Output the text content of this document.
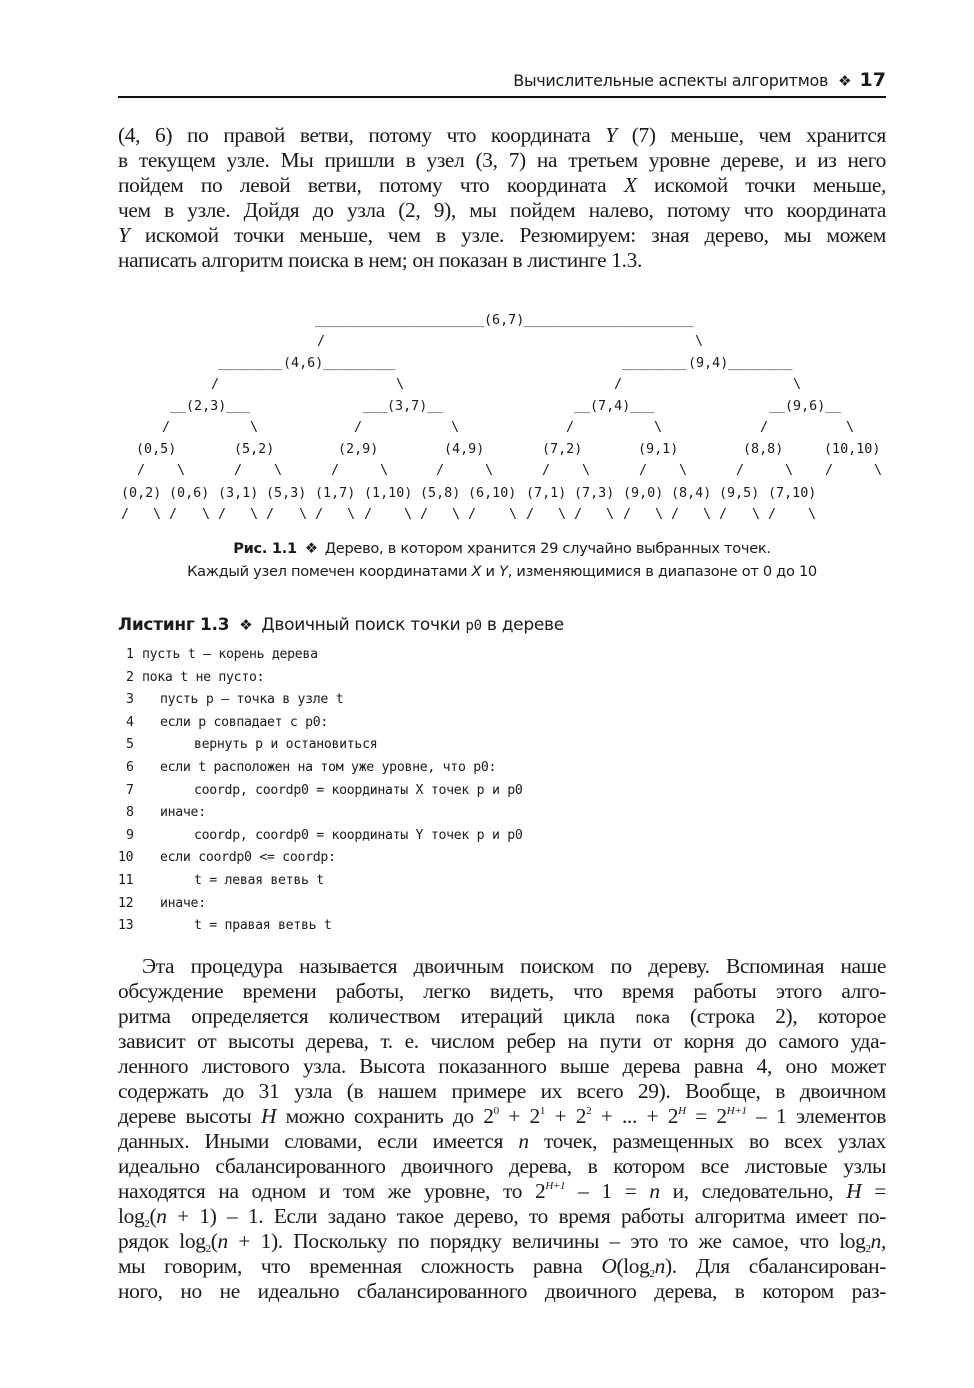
Вычислительные аспекты алгоритмов ❖ 17
(4, 6) по правой ветви, потому что координата Y (7) меньше, чем хранится
в текущем узле. Мы пришли в узел (3, 7) на третьем уровне дереве, и из него
пойдем по левой ветви, потому что координата X искомой точки меньше,
чем в узле. Дойдя до узла (2, 9), мы пойдем налево, потому что координата
Y искомой точки меньше, чем в узле. Резюмируем: зная дерево, мы можем
написать алгоритм поиска в нем; он показан в листинге 1.3.
_____________________ (6,7) _____________________
/	\
________ (4,6) _________	________ (9,4) ________
/	\	/	\
__ (2,3) ___	___ (3,7) __	__ (7,4) ___	__ (9,6) __
/	\	/	\	/	\	/	\
(0,5)	(5,2)	(2,9)	(4,9)	(7,2)	(9,1)	(8,8)	(10,10)
/ \	/ \	/	\	/	\	/ \	/ \	/	\ /	\
(0,2) (0,6) (3,1) (5,3) (1,7) (1,10) (5,8) (6,10) (7,1) (7,3) (9,0) (8,4) (9,5) (7,10)
/ \ / \ / \ / \ / \ / \ / \ / \ / \ / \ / \ / \ / \ / \
Рис. 1.1 ❖ Дерево, в котором хранится 29 случайно выбранных точек.
Каждый узел помечен координатами X и Y, изменяющимися в диапазоне от 0 до 10
Листинг 1.3 ❖ Двоичный поиск точки p0 в дереве
1 пусть t – корень дерева
2 пока t не пусто:
3 пусть p – точка в узле t
4 если p совпадает с p0:
5	вернуть p и остановиться
6 если t расположен на том уже уровне, что p0:
7	coordp, coordp0 = координаты X точек p и p0
8 иначе:
9	coordp, coordp0 = координаты Y точек p и p0
10 если coordp0 <= coordp:
11	t = левая ветвь t
12 иначе:
13	t = правая ветвь t
Эта процедура называется двоичным поиском по дереву. Вспоминая наше
обсуждение времени работы, легко видеть, что время работы этого алго-
ритма определяется количеством итераций цикла пока (строка 2), которое
зависит от высоты дерева, т. е. числом ребер на пути от корня до самого уда-
ленного листового узла. Высота показанного выше дерева равна 4, оно может
содержать до 31 узла (в нашем примере их всего 29). Вообще, в двоичном
дереве высоты H можно сохранить до $2^0 + 2^1 + 2^2$ + ... + $2^H = 2^{H+1} - 1$ элементов
данных. Иными словами, если имеется n точек, размещенных во всех узлах
идеально сбалансированного двоичного дерева, в котором все листовые узлы
находятся на одном и том же уровне, то $2^{H+1} - 1 = n$ и, следовательно, H =
$\log_2(n + 1) - 1$. Если задано такое дерево, то время работы алгоритма имеет по-
рядок $\log_2(n + 1)$. Поскольку по порядку величины – это то же самое, что $\log_2n$,
мы говорим, что временная сложность равна $O(\log_2n)$. Для сбалансирован-
ного, но не идеально сбалансированного двоичного дерева, в котором раз-
